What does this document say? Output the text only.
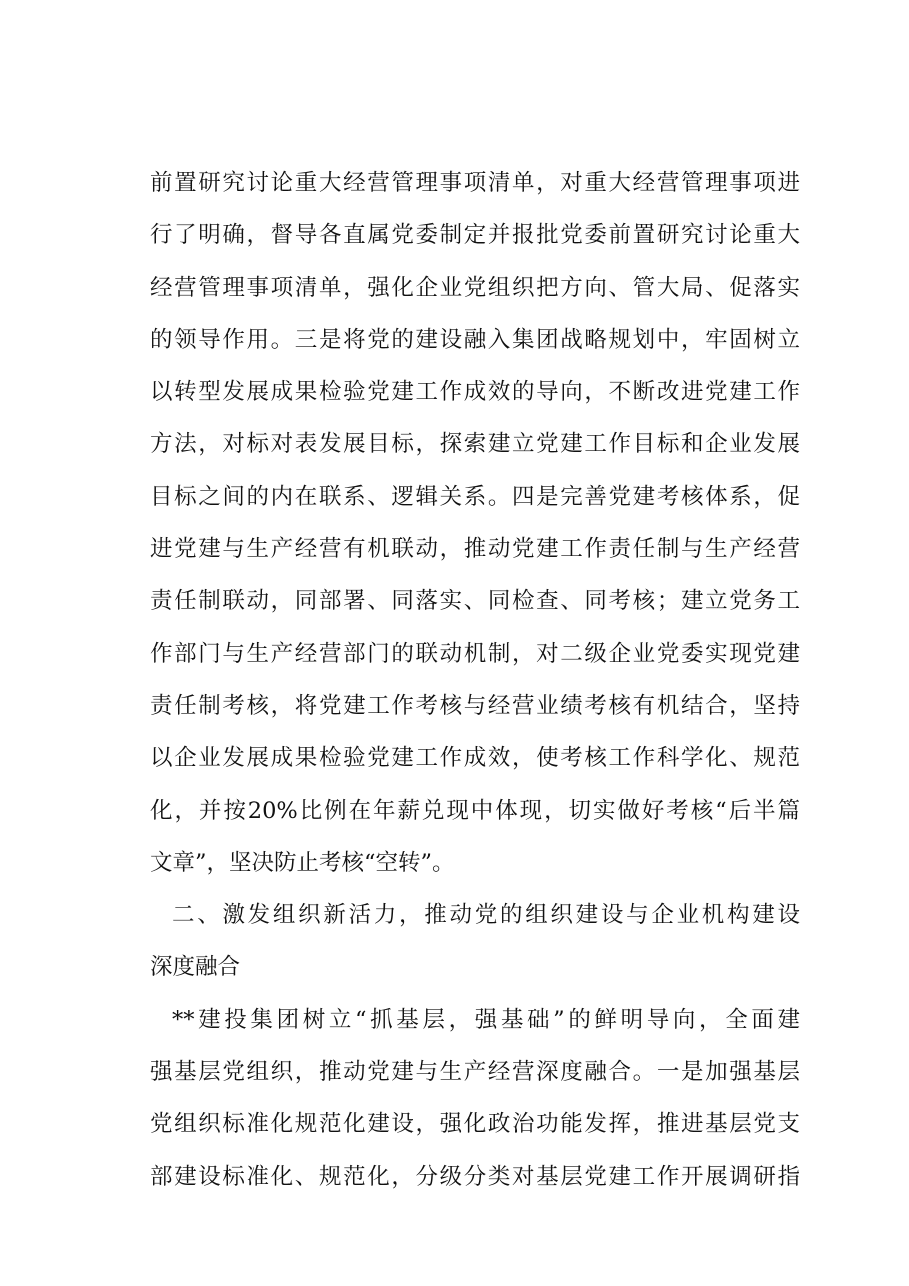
前置研究讨论重大经营管理事项清单，对重大经营管理事项进
行了明确，督导各直属党委制定并报批党委前置研究讨论重大
经营管理事项清单，强化企业党组织把方向、管大局、促落实
的领导作用。三是将党的建设融入集团战略规划中，牢固树立
以转型发展成果检验党建工作成效的导向，不断改进党建工作
方法，对标对表发展目标，探索建立党建工作目标和企业发展
目标之间的内在联系、逻辑关系。四是完善党建考核体系，促
进党建与生产经营有机联动，推动党建工作责任制与生产经营
责任制联动，同部署、同落实、同检查、同考核；建立党务工
作部门与生产经营部门的联动机制，对二级企业党委实现党建
责任制考核，将党建工作考核与经营业绩考核有机结合，坚持
以企业发展成果检验党建工作成效，使考核工作科学化、规范
化，并按20%比例在年薪兑现中体现，切实做好考核“后半篇
文章”，坚决防止考核“空转”。
二、激发组织新活力，推动党的组织建设与企业机构建设
深度融合
**建投集团树立“抓基层，强基础”的鲜明导向，全面建
强基层党组织，推动党建与生产经营深度融合。一是加强基层
党组织标准化规范化建设，强化政治功能发挥，推进基层党支
部建设标准化、规范化，分级分类对基层党建工作开展调研指
